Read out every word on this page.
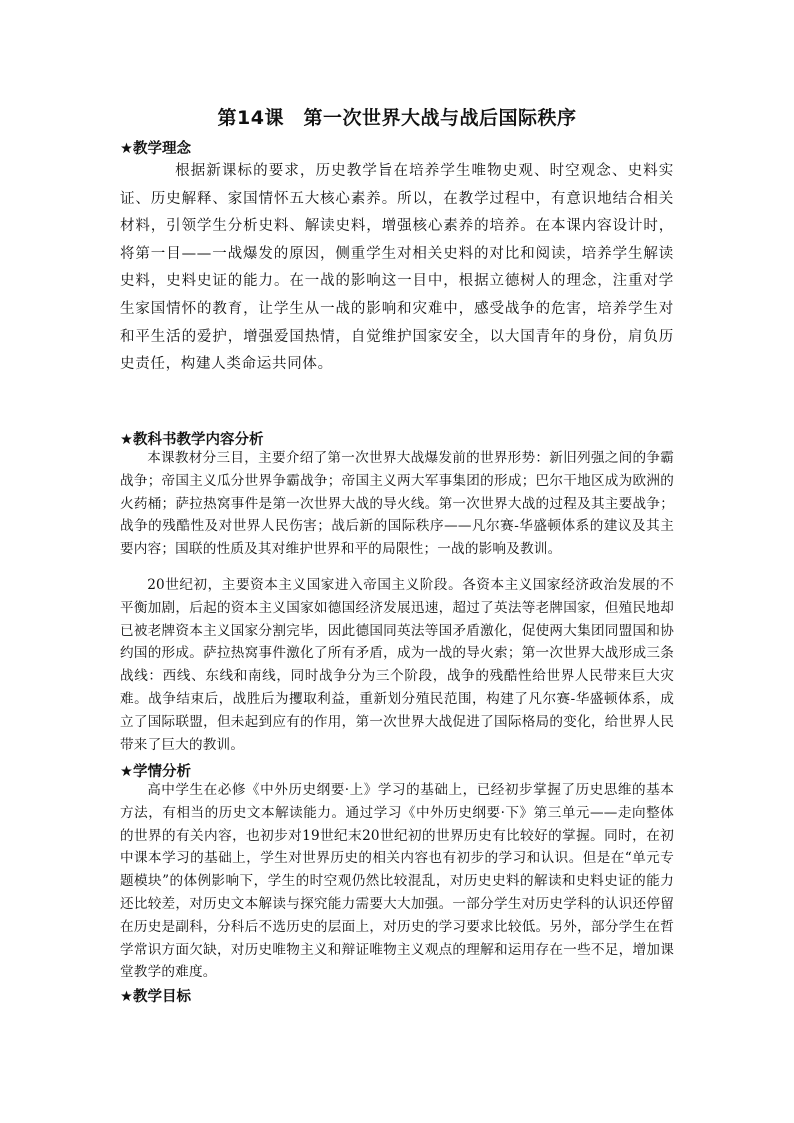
第14课　第一次世界大战与战后国际秩序
★教学理念

根据新课标的要求，历史教学旨在培养学生唯物史观、时空观念、史料实证、历史解释、家国情怀五大核心素养。所以，在教学过程中，有意识地结合相关材料，引领学生分析史料、解读史料，增强核心素养的培养。在本课内容设计时，将第一目——一战爆发的原因，侧重学生对相关史料的对比和阅读，培养学生解读史料，史料史证的能力。在一战的影响这一目中，根据立德树人的理念，注重对学生家国情怀的教育，让学生从一战的影响和灾难中，感受战争的危害，培养学生对和平生活的爱护，增强爱国热情，自觉维护国家安全，以大国青年的身份，肩负历史责任，构建人类命运共同体。

★教科书教学内容分析

本课教材分三目，主要介绍了第一次世界大战爆发前的世界形势：新旧列强之间的争霸战争；帝国主义瓜分世界争霸战争；帝国主义两大军事集团的形成；巴尔干地区成为欧洲的火药桶；萨拉热窝事件是第一次世界大战的导火线。第一次世界大战的过程及其主要战争；战争的残酷性及对世界人民伤害；战后新的国际秩序——凡尔赛-华盛顿体系的建议及其主要内容；国联的性质及其对维护世界和平的局限性；一战的影响及教训。

20世纪初，主要资本主义国家进入帝国主义阶段。各资本主义国家经济政治发展的不平衡加剧，后起的资本主义国家如德国经济发展迅速，超过了英法等老牌国家，但殖民地却已被老牌资本主义国家分割完毕，因此德国同英法等国矛盾激化，促使两大集团同盟国和协约国的形成。萨拉热窝事件激化了所有矛盾，成为一战的导火索；第一次世界大战形成三条战线：西线、东线和南线，同时战争分为三个阶段，战争的残酷性给世界人民带来巨大灾难。战争结束后，战胜后为攫取利益，重新划分殖民范围，构建了凡尔赛-华盛顿体系，成立了国际联盟，但未起到应有的作用，第一次世界大战促进了国际格局的变化，给世界人民带来了巨大的教训。

★学情分析

高中学生在必修《中外历史纲要·上》学习的基础上，已经初步掌握了历史思维的基本方法，有相当的历史文本解读能力。通过学习《中外历史纲要·下》第三单元——走向整体的世界的有关内容，也初步对19世纪末20世纪初的世界历史有比较好的掌握。同时，在初中课本学习的基础上，学生对世界历史的相关内容也有初步的学习和认识。但是在“单元专题模块”的体例影响下，学生的时空观仍然比较混乱，对历史史料的解读和史料史证的能力还比较差，对历史文本解读与探究能力需要大大加强。一部分学生对历史学科的认识还停留在历史是副科，分科后不选历史的层面上，对历史的学习要求比较低。另外，部分学生在哲学常识方面欠缺，对历史唯物主义和辩证唯物主义观点的理解和运用存在一些不足，增加课堂教学的难度。

★教学目标
